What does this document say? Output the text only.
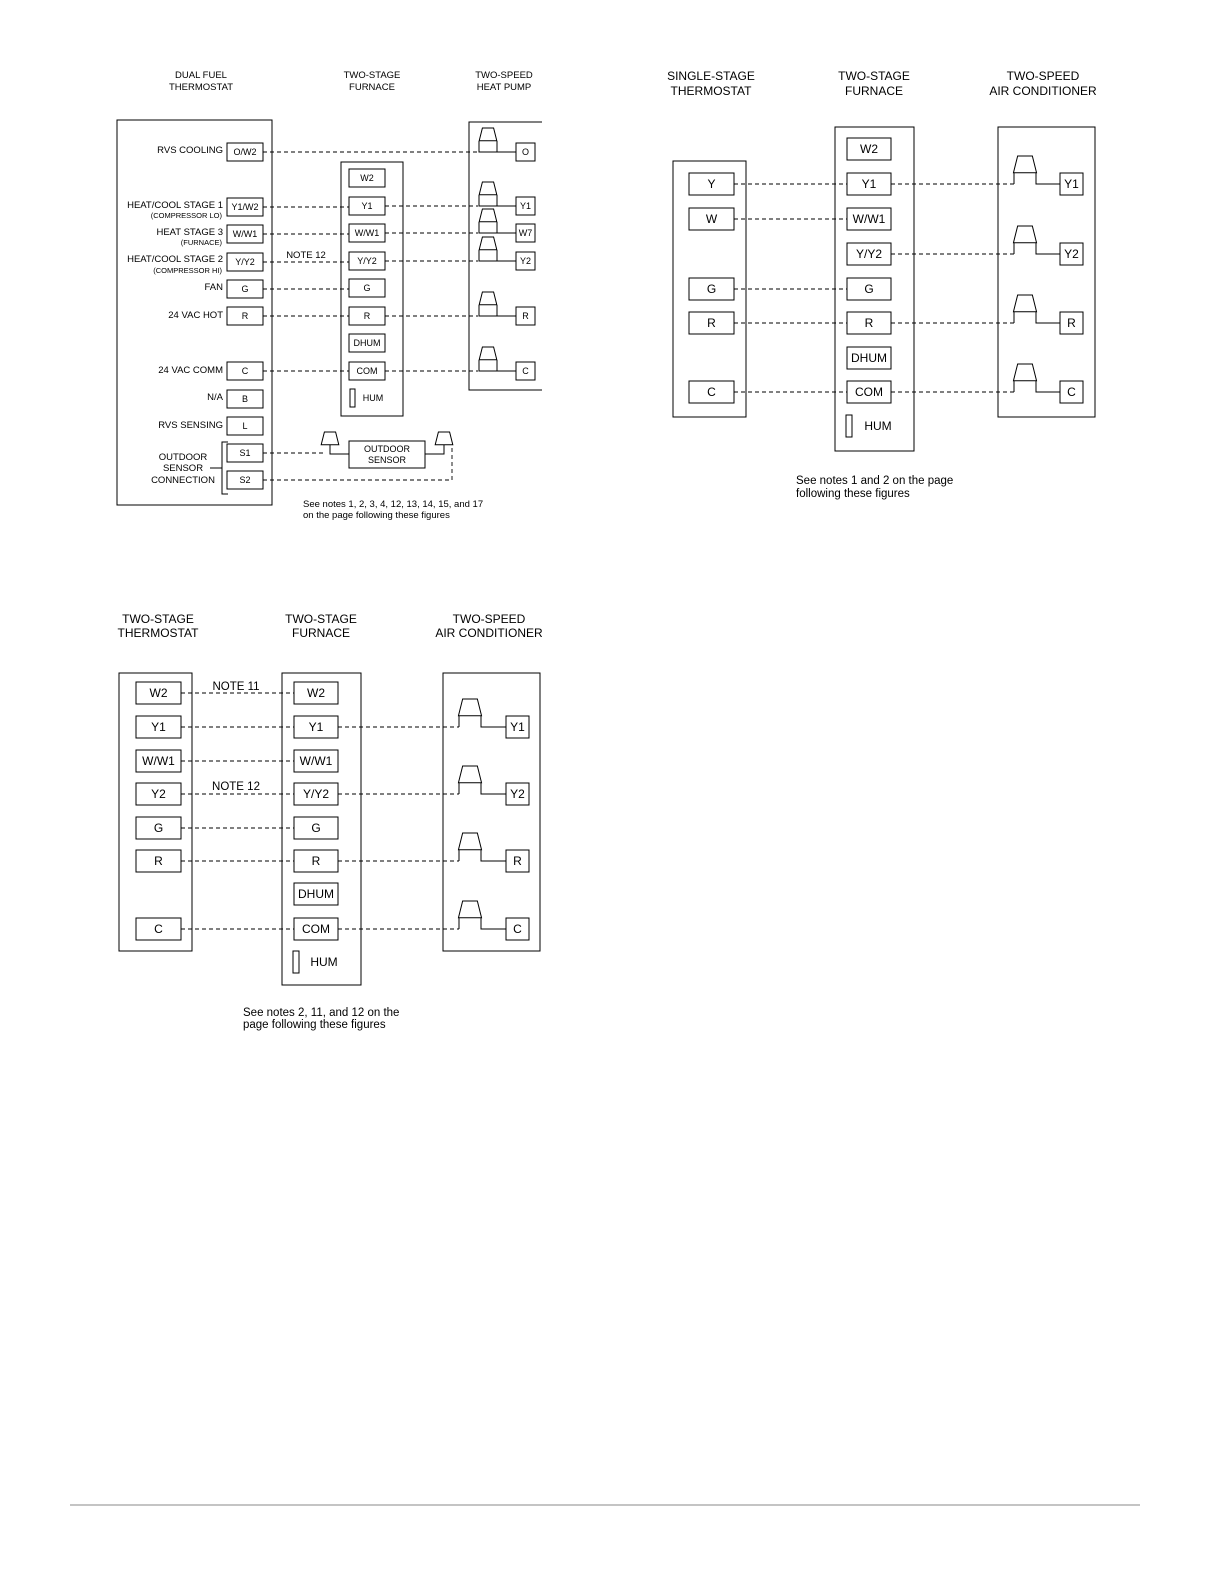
DUAL FUEL
THERMOSTAT
TWO-STAGE
FURNACE
TWO-SPEED
HEAT PUMP
RVS COOLING
HEAT/COOL STAGE 1
(COMPRESSOR LO)
HEAT STAGE 3
(FURNACE)
HEAT/COOL STAGE 2
(COMPRESSOR HI)
FAN
24 VAC HOT
24 VAC COMM
N/A
RVS SENSING
OUTDOOR
SENSOR
CONNECTION
O/W2
Y1/W2
W/W1
Y/Y2
G
R
C
B
L
S1
S2
W2
Y1
W/W1
Y/Y2
G
R
DHUM
COM
HUM
O
Y1
W7
Y2
R
C
NOTE 12
OUTDOOR
SENSOR
See notes 1, 2, 3, 4, 12, 13, 14, 15, and 17
on the page following these figures
SINGLE-STAGE
THERMOSTAT
TWO-STAGE
FURNACE
TWO-SPEED
AIR CONDITIONER
Y
W
G
R
C
W2
Y1
W/W1
Y/Y2
G
R
DHUM
COM
HUM
Y1
Y2
R
C
See notes 1 and 2 on the page
following these figures
TWO-STAGE
THERMOSTAT
TWO-STAGE
FURNACE
TWO-SPEED
AIR CONDITIONER
W2
Y1
W/W1
Y2
G
R
C
W2
Y1
W/W1
Y/Y2
G
R
DHUM
COM
HUM
Y1
Y2
R
C
NOTE 11
NOTE 12
See notes 2, 11, and 12 on the
page following these figures
